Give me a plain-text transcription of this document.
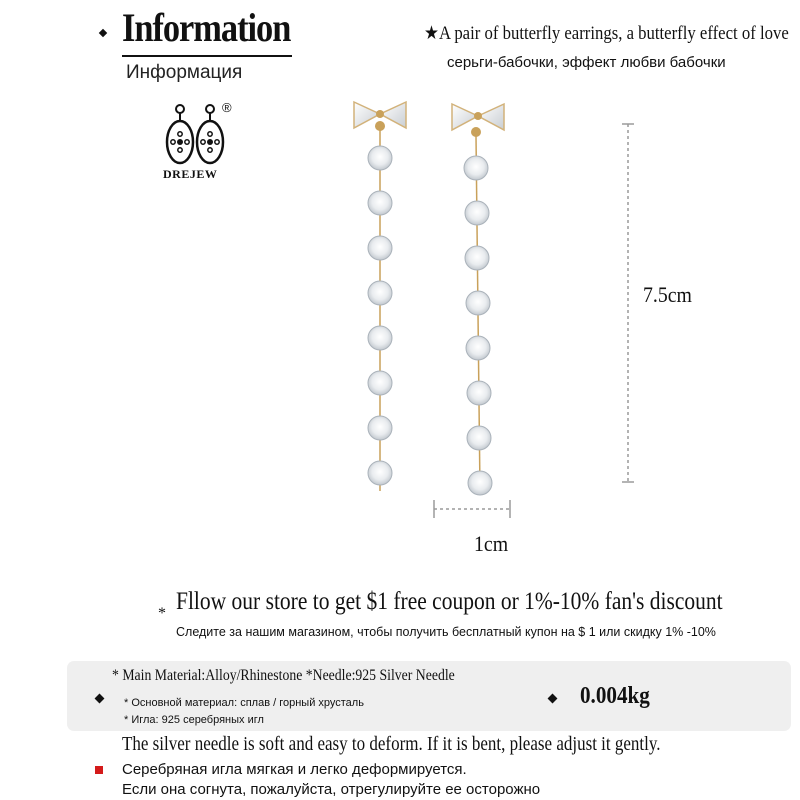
Information
Информация
★A pair of butterfly earrings, a butterfly effect of love
серьги-бабочки, эффект любви бабочки
®
DREJEW
7.5cm
1cm
* Fllow our store to get $1 free coupon or 1%-10% fan's discount
Следите за нашим магазином, чтобы получить бесплатный купон на $ 1 или скидку 1% -10%
* Main Material:Alloy/Rhinestone *Needle:925 Silver Needle
* Основной материал: сплав / горный хрусталь
* Игла: 925 серебряных игл
0.004kg
The silver needle is soft and easy to deform. If it is bent, please adjust it gently.
Серебряная игла мягкая и легко деформируется.
Если она согнута, пожалуйста, отрегулируйте ее осторожно
